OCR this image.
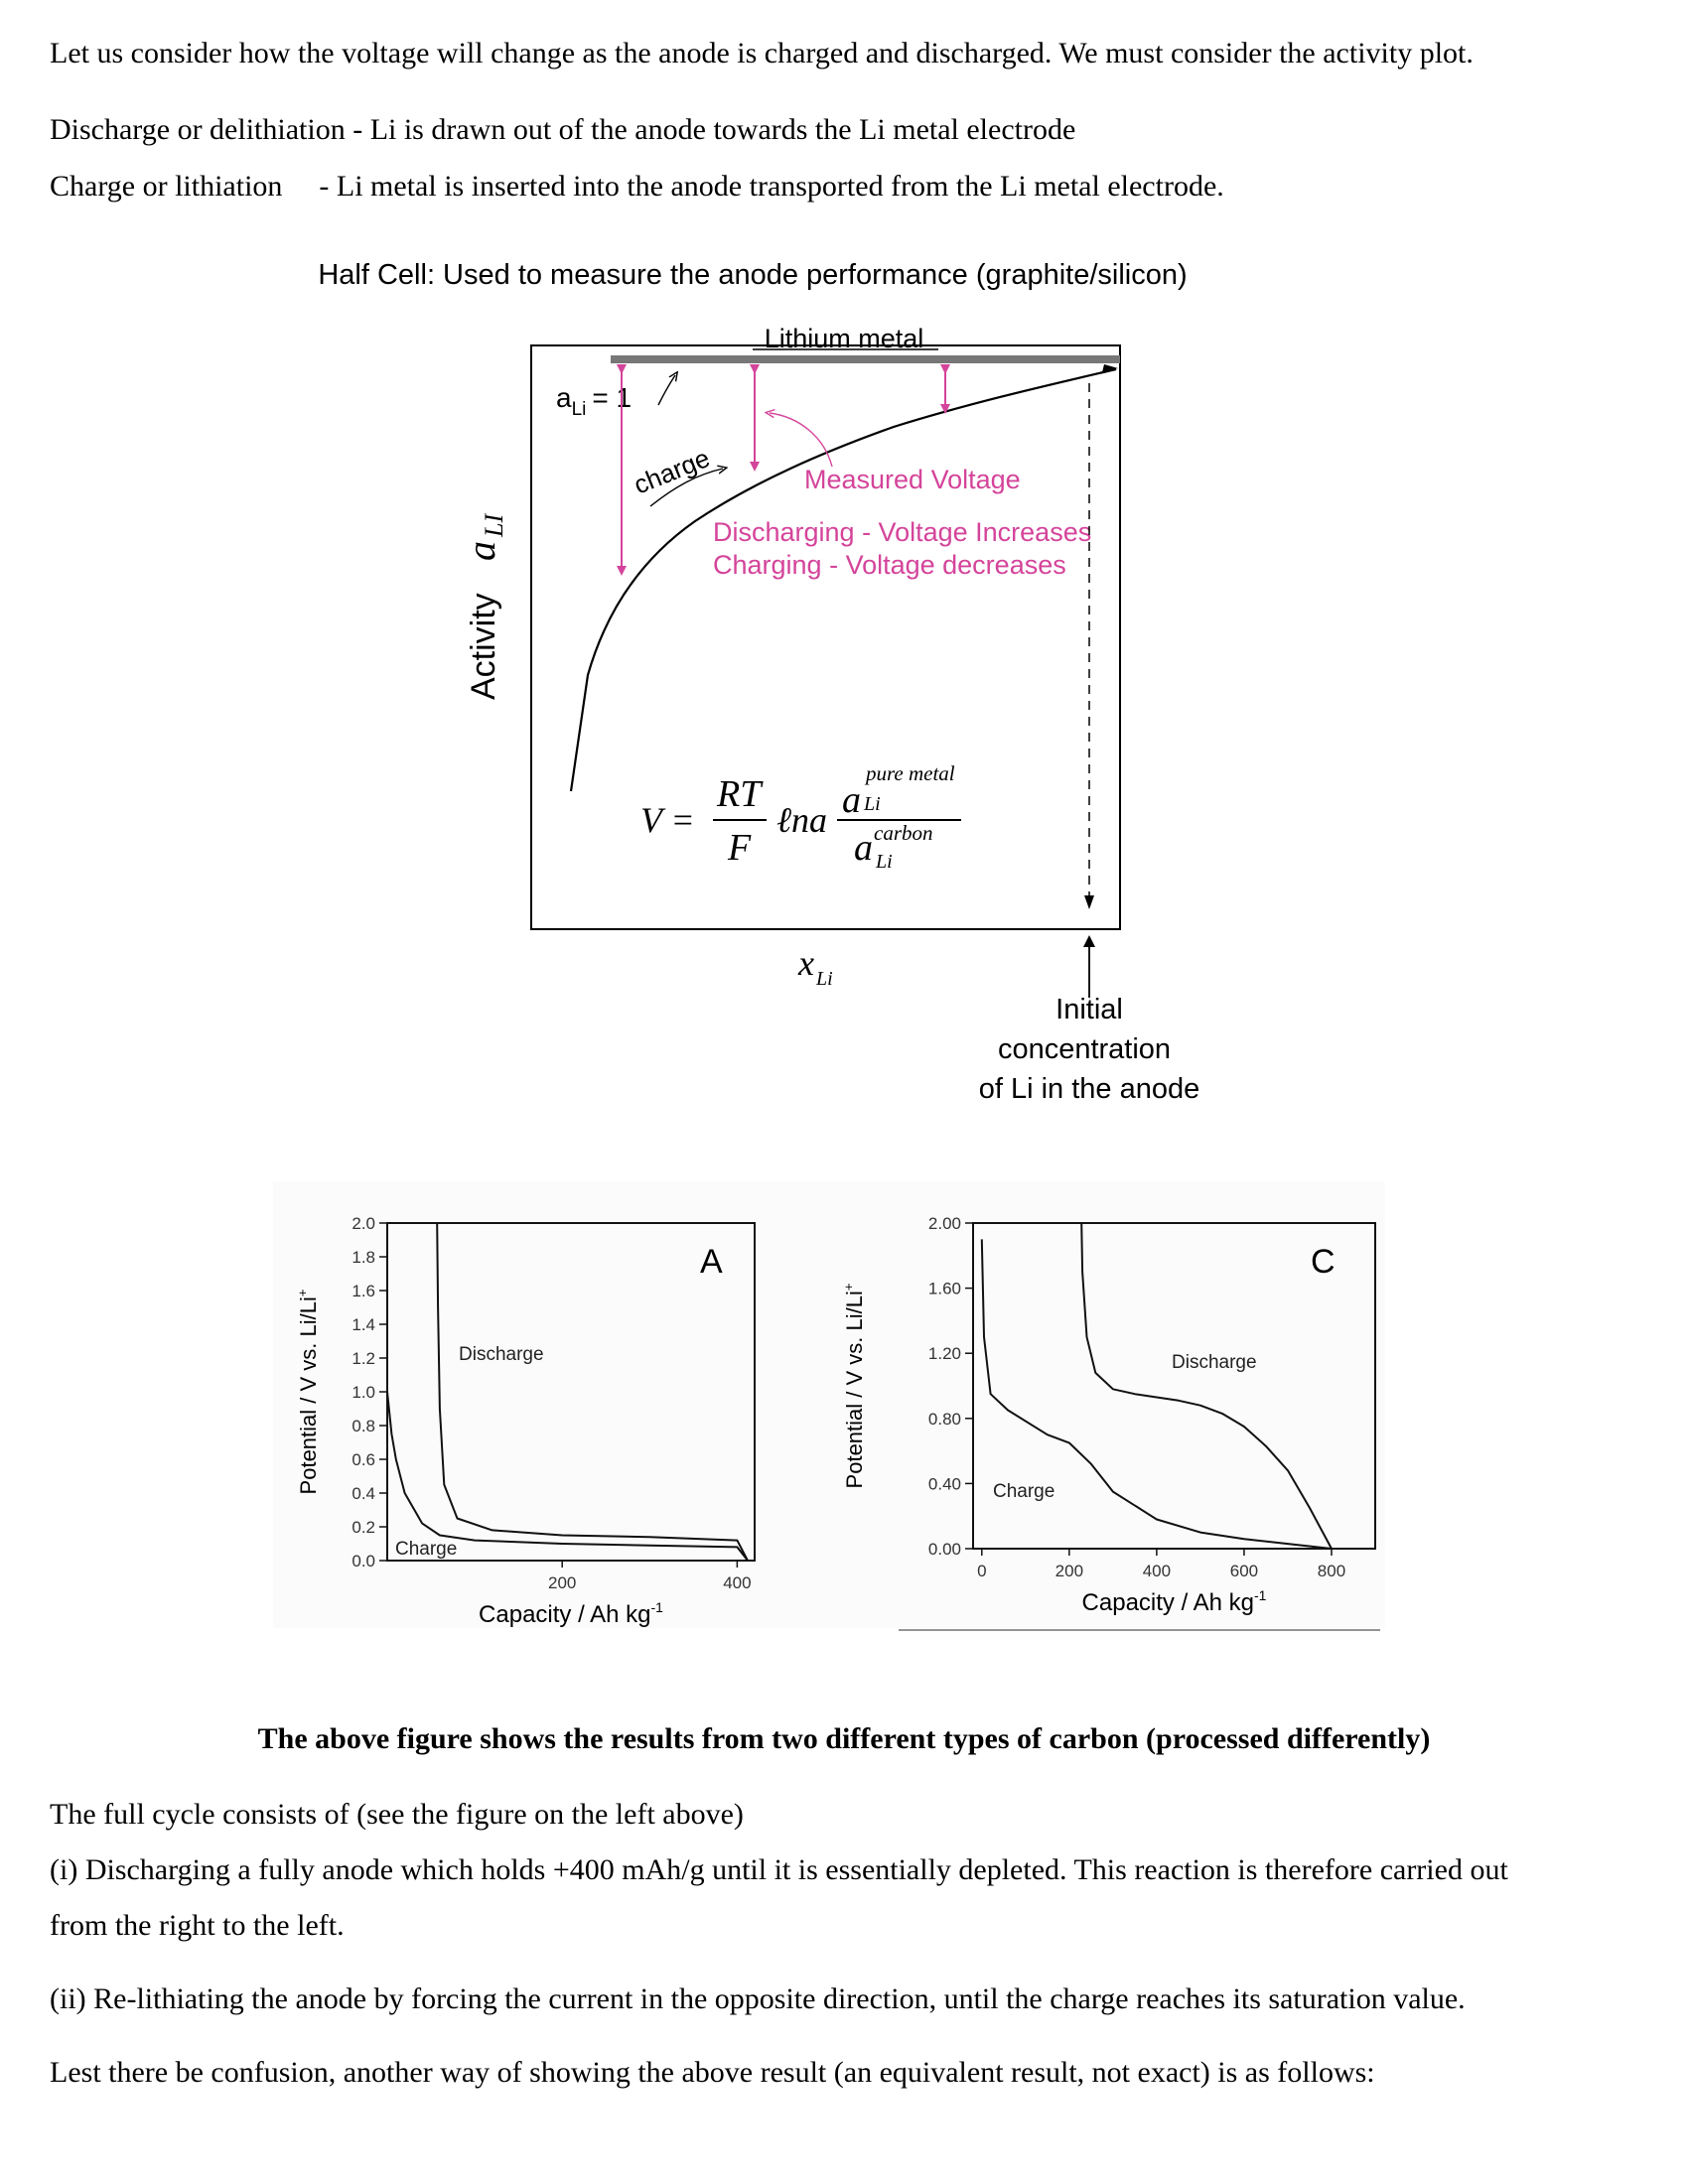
Let us consider how the voltage will change as the anode is charged and discharged. We must consider the activity plot.
Discharge or delithiation - Li is drawn out of the anode towards the Li metal electrode
Charge or lithiation - Li metal is inserted into the anode transported from the Li metal electrode.
Half Cell: Used to measure the anode performance (graphite/silicon)
Lithium metal
$a_{Li} = 1$
charge	Measured Voltage
Discharging - Voltage Increases
Charging - Voltage decreases
Activity
a
LI
V =
RT
F
ℓna a
pure metal
Li
a carbon
Li
x $_{Li}$
Initial
concentration
of Li in the anode
0.0
0.2
0.4
0.6
0.8
1.0
1.2
1.4
1.6
1.8
2.0
200	400
Capacity / Ah $kg^{-1}$
Potential / V vs. Li/Li+
A
Charge
Discharge
0.00
0.40
0.80
1.20
1.60
2.00
0	200	400	600	800
Capacity / Ah $kg^{-1}$
Potential / V vs. Li/Li+
C
Charge
Discharge
The above figure shows the results from two different types of carbon (processed differently)
The full cycle consists of (see the figure on the left above)
(i) Discharging a fully anode which holds +400 mAh/g until it is essentially depleted. This reaction is therefore carried out
from the right to the left.
(ii) Re-lithiating the anode by forcing the current in the opposite direction, until the charge reaches its saturation value.
Lest there be confusion, another way of showing the above result (an equivalent result, not exact) is as follows:
